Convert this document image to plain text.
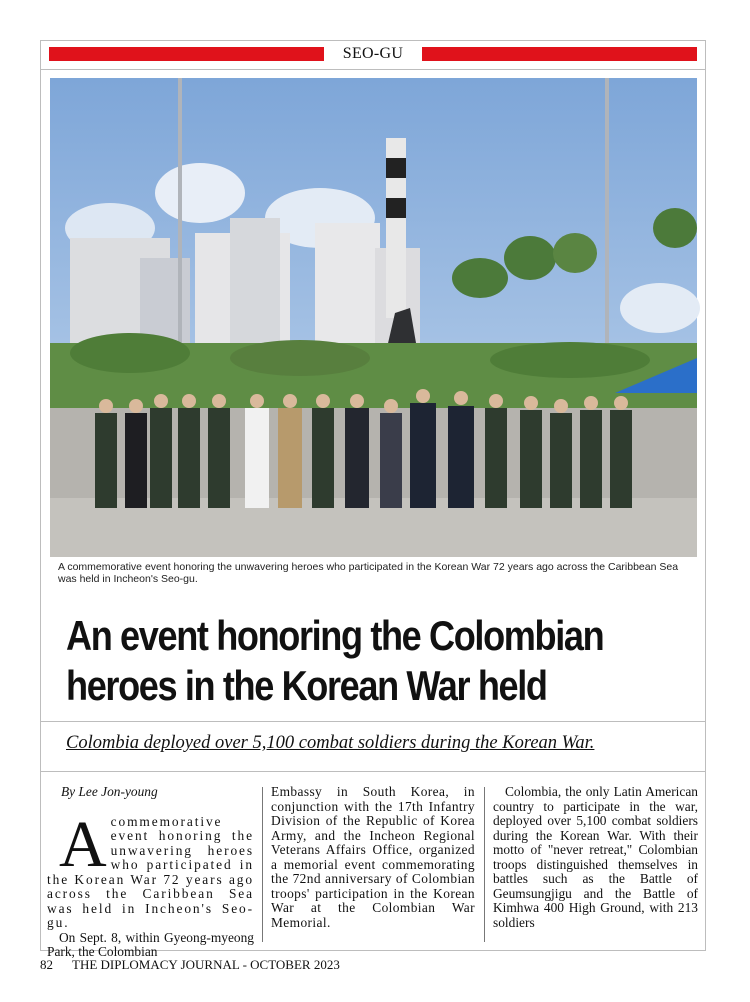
SEO-GU
A commemorative event honoring the unwavering heroes who participated in the Korean War 72 years ago across the Caribbean Sea was held in Incheon's Seo-gu.
An event honoring the Colombian
heroes in the Korean War held

Colombia deployed over 5,100 combat soldiers during the Korean War.

By Lee Jon-young

A commemorative event honoring the unwavering heroes who participated in the Korean War 72 years ago across the Caribbean Sea was held in Incheon's Seo-gu.

On Sept. 8, within Gyeong-myeong Park, the Colombian

Embassy in South Korea, in conjunction with the 17th Infantry Division of the Republic of Korea Army, and the Incheon Regional Veterans Affairs Office, organized a memorial event commemorating the 72nd anniversary of Colombian troops' participation in the Korean War at the Colombian War Memorial.

Colombia, the only Latin American country to participate in the war, deployed over 5,100 combat soldiers during the Korean War. With their motto of "never retreat," Colombian troops distinguished themselves in battles such as the Battle of Geumsungjigu and the Battle of Kimhwa 400 High Ground, with 213 soldiers

82 THE DIPLOMACY JOURNAL - OCTOBER 2023
